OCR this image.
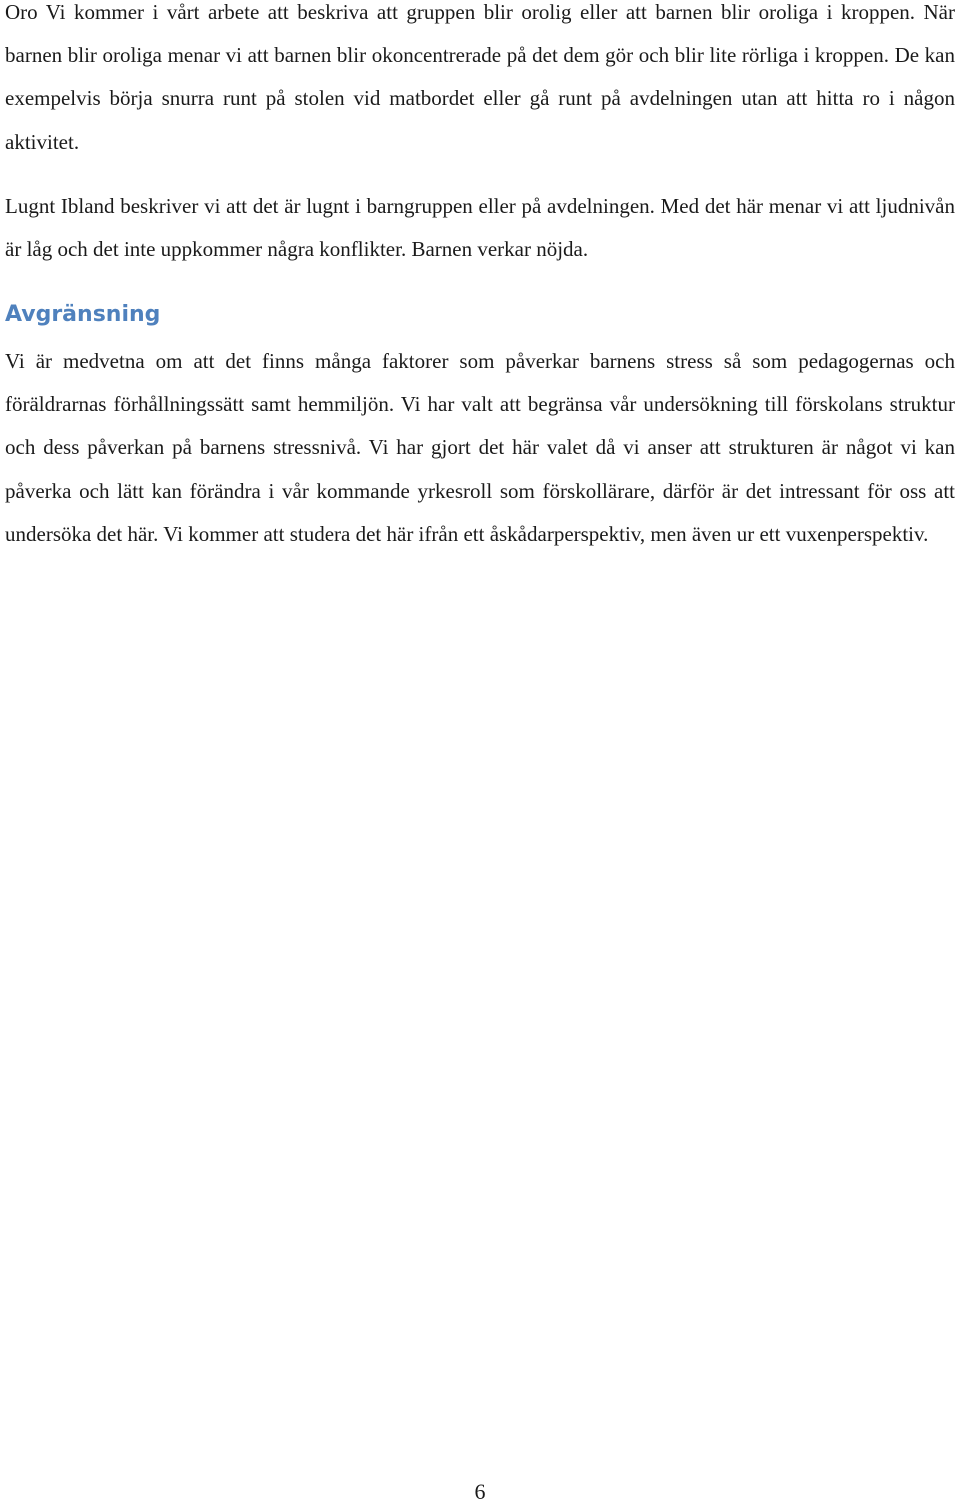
Oro Vi kommer i vårt arbete att beskriva att gruppen blir orolig eller att barnen blir oroliga i kroppen. När barnen blir oroliga menar vi att barnen blir okoncentrerade på det dem gör och blir lite rörliga i kroppen. De kan exempelvis börja snurra runt på stolen vid matbordet eller gå runt på avdelningen utan att hitta ro i någon aktivitet.

Lugnt Ibland beskriver vi att det är lugnt i barngruppen eller på avdelningen. Med det här menar vi att ljudnivån är låg och det inte uppkommer några konflikter. Barnen verkar nöjda.

Avgränsning

Vi är medvetna om att det finns många faktorer som påverkar barnens stress så som pedagogernas och föräldrarnas förhållningssätt samt hemmiljön. Vi har valt att begränsa vår undersökning till förskolans struktur och dess påverkan på barnens stressnivå. Vi har gjort det här valet då vi anser att strukturen är något vi kan påverka och lätt kan förändra i vår kommande yrkesroll som förskollärare, därför är det intressant för oss att undersöka det här. Vi kommer att studera det här ifrån ett åskådarperspektiv, men även ur ett vuxenperspektiv.

6
